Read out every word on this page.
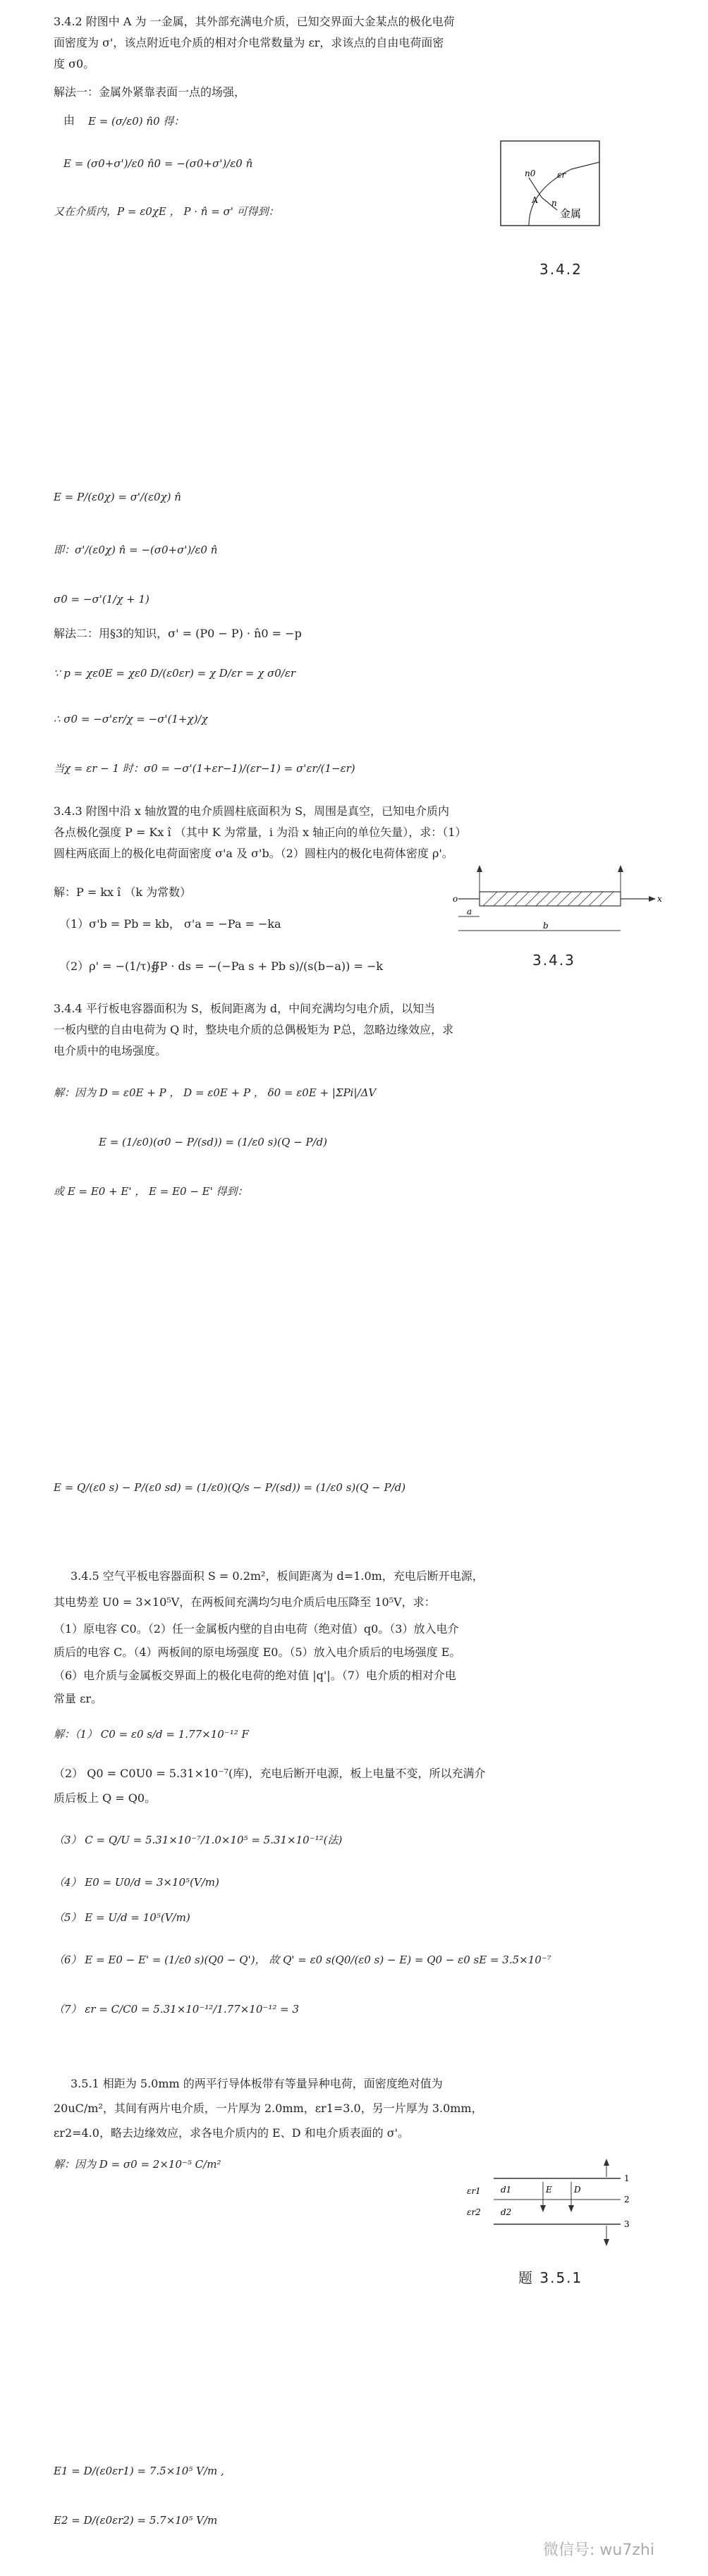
3.4.2 附图中 A 为 一金属，其外部充满电介质，已知交界面大金某点的极化电荷
面密度为 σ'，该点附近电介质的相对介电常数量为 εr，求该点的自由电荷面密
度 σ0。
解法一：金属外紧靠表面一点的场强，
由 E = (σ/ε0) n̂0 得：
E = (σ0+σ')/ε0 n̂0 = −(σ0+σ')/ε0 n̂
又在介质内，P = ε0χE ， P · n̂ = σ' 可得到：
n0	εr
A n
金属
3.4.2
E = P/(ε0χ) = σ'/(ε0χ) n̂
即：σ'/(ε0χ) n̂ = −(σ0+σ')/ε0 n̂
σ0 = −σ'(1/χ + 1)
解法二：用§3的知识，σ' = (P0 − P) · n̂0 = −p
∵ p = χε0E = χε0 D/(ε0εr) = χ D/εr = χ σ0/εr
∴ σ0 = −σ'εr/χ = −σ'(1+χ)/χ
当χ = εr − 1 时：σ0 = −σ'(1+εr−1)/(εr−1) = σ'εr/(1−εr)
3.4.3 附图中沿 x 轴放置的电介质圆柱底面积为 S，周围是真空，已知电介质内
各点极化强度 P = Kx î （其中 K 为常量，i 为沿 x 轴正向的单位矢量），求：（1）
圆柱两底面上的极化电荷面密度 σ'a 及 σ'b。（2）圆柱内的极化电荷体密度 ρ'。
解：P = kx î （k 为常数）
（1）σ'b = Pb = kb， σ'a = −Pa = −ka
（2）ρ' = −(1/τ)∯P · ds = −(−Pa s + Pb s)/(s(b−a)) = −k
o	x
a
b
3.4.3
3.4.4 平行板电容器面积为 S，板间距离为 d，中间充满均匀电介质，以知当
一板内壁的自由电荷为 Q 时，整块电介质的总偶极矩为 P总，忽略边缘效应，求
电介质中的电场强度。
解：因为 D = ε0E + P ， D = ε0E + P ， δ0 = ε0E + |ΣPi|/ΔV
E = (1/ε0)(σ0 − P/(sd)) = (1/ε0 s)(Q − P/d)
或 E = E0 + E' ， E = E0 − E' 得到：
E = Q/(ε0 s) − P/(ε0 sd) = (1/ε0)(Q/s − P/(sd)) = (1/ε0 s)(Q − P/d)
3.4.5 空气平板电容器面积 S = 0.2m²，板间距离为 d=1.0m，充电后断开电源，
其电势差 U0 = 3×10⁵V，在两板间充满均匀电介质后电压降至 10⁵V，求：
（1）原电容 C0。（2）任一金属板内壁的自由电荷（绝对值）q0。（3）放入电介
质后的电容 C。（4）两板间的原电场强度 E0。（5）放入电介质后的电场强度 E。
（6）电介质与金属板交界面上的极化电荷的绝对值 |q'|。（7）电介质的相对介电
常量 εr。
解：（1） C0 = ε0 s/d = 1.77×10⁻¹² F
（2） Q0 = C0U0 = 5.31×10⁻⁷(库)，充电后断开电源，板上电量不变，所以充满介
质后板上 Q = Q0。
（3） C = Q/U = 5.31×10⁻⁷/1.0×10⁵ = 5.31×10⁻¹²(法)
（4） E0 = U0/d = 3×10⁵(V/m)
（5） E = U/d = 10⁵(V/m)
（6） E = E0 − E' = (1/ε0 s)(Q0 − Q')， 故 Q' = ε0 s(Q0/(ε0 s) − E) = Q0 − ε0 sE = 3.5×10⁻⁷
（7） εr = C/C0 = 5.31×10⁻¹²/1.77×10⁻¹² = 3
3.5.1 相距为 5.0mm 的两平行导体板带有等量异种电荷，面密度绝对值为
20uC/m²，其间有两片电介质，一片厚为 2.0mm，εr1=3.0，另一片厚为 3.0mm，
εr2=4.0，略去边缘效应，求各电介质内的 E、D 和电介质表面的 σ'。
解：因为 D = σ0 = 2×10⁻⁵ C/m²
1
2
3
εr1
εr2
d1
d2
E	D
题 3.5.1
E1 = D/(ε0εr1) = 7.5×10⁵ V/m ,
E2 = D/(ε0εr2) = 5.7×10⁵ V/m
微信号: wu7zhi
